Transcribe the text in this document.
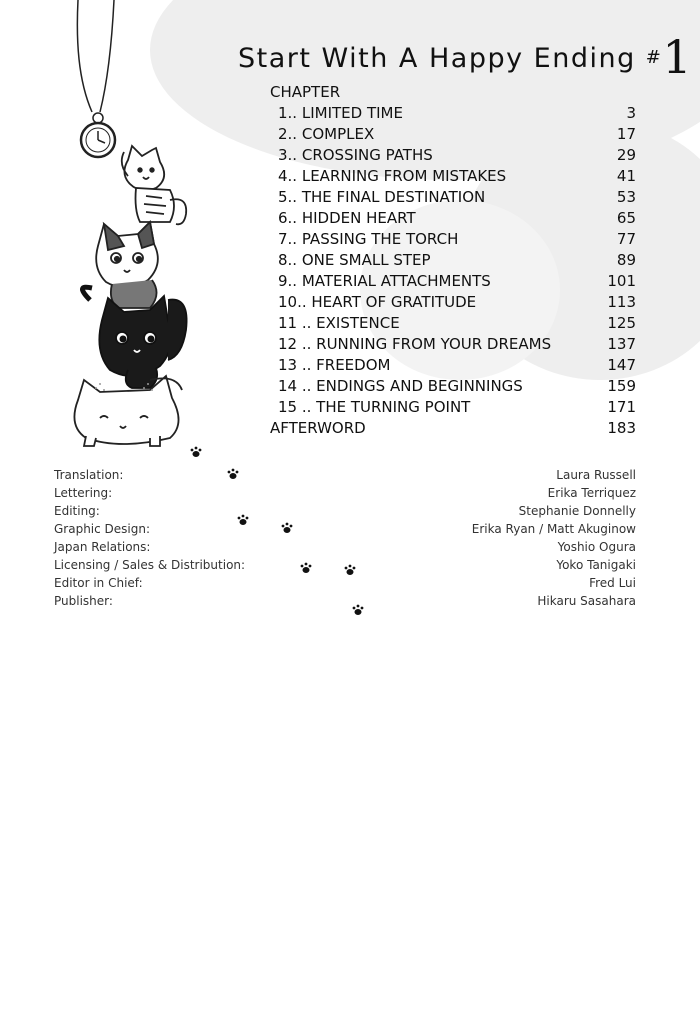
Start With A Happy Ending #1
CHAPTER
1.. LIMITED TIME	3
2.. COMPLEX	17
3.. CROSSING PATHS	29
4.. LEARNING FROM MISTAKES	41
5.. THE FINAL DESTINATION	53
6.. HIDDEN HEART	65
7.. PASSING THE TORCH	77
8.. ONE SMALL STEP	89
9.. MATERIAL ATTACHMENTS	101
10.. HEART OF GRATITUDE	113
11 .. EXISTENCE	125
12 .. RUNNING FROM YOUR DREAMS	137
13 .. FREEDOM	147
14 .. ENDINGS AND BEGINNINGS	159
15 .. THE TURNING POINT	171
AFTERWORD	183
Translation:	Laura Russell
Lettering:	Erika Terriquez
Editing:	Stephanie Donnelly
Graphic Design:	Erika Ryan / Matt Akuginow
Japan Relations:	Yoshio Ogura
Licensing / Sales & Distribution:	Yoko Tanigaki
Editor in Chief:	Fred Lui
Publisher:	Hikaru Sasahara
